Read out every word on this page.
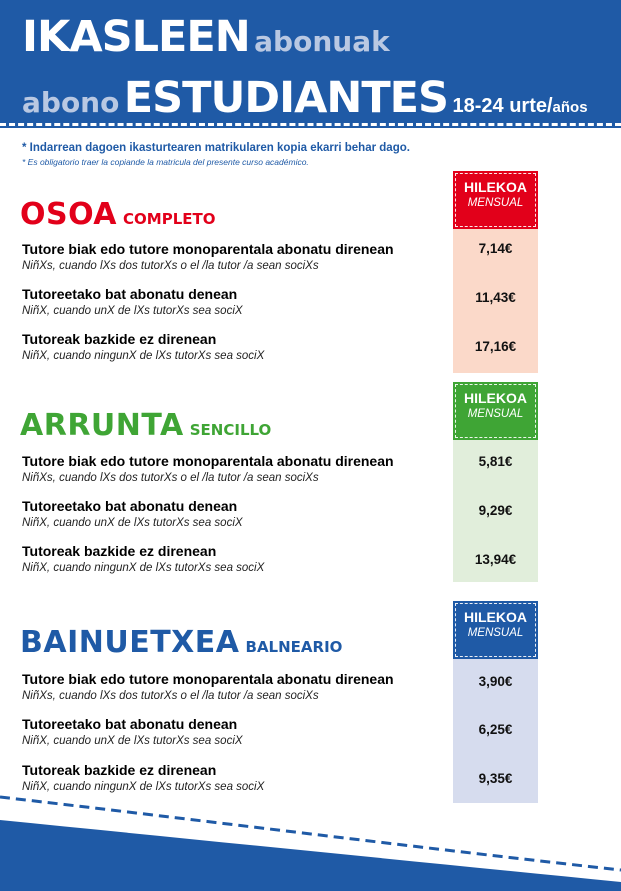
IKASLEEN abonuak
abono ESTUDIANTES 18-24 urte/años
* Indarrean dagoen ikasturtearen matrikularen kopia ekarri behar dago.
* Es obligatorio traer la copiande la matricula del presente curso académico.
HILEKOA
MENSUAL
OSOA COMPLETO
Tutore biak edo tutore monoparentala abonatu direnean
NiñXs, cuando lXs dos tutorXs o el /la tutor /a sean sociXs
Tutoreetako bat abonatu denean
NiñX, cuando unX de lXs tutorXs sea sociX
Tutoreak bazkide ez direnean
NiñX, cuando ningunX de lXs tutorXs sea sociX
7,14€
11,43€
17,16€
HILEKOA
MENSUAL
ARRUNTA SENCILLO
Tutore biak edo tutore monoparentala abonatu direnean
NiñXs, cuando lXs dos tutorXs o el /la tutor /a sean sociXs
Tutoreetako bat abonatu denean
NiñX, cuando unX de lXs tutorXs sea sociX
Tutoreak bazkide ez direnean
NiñX, cuando ningunX de lXs tutorXs sea sociX
5,81€
9,29€
13,94€
HILEKOA
MENSUAL
BAINUETXEA BALNEARIO
Tutore biak edo tutore monoparentala abonatu direnean
NiñXs, cuando lXs dos tutorXs o el /la tutor /a sean sociXs
Tutoreetako bat abonatu denean
NiñX, cuando unX de lXs tutorXs sea sociX
Tutoreak bazkide ez direnean
NiñX, cuando ningunX de lXs tutorXs sea sociX
3,90€
6,25€
9,35€
